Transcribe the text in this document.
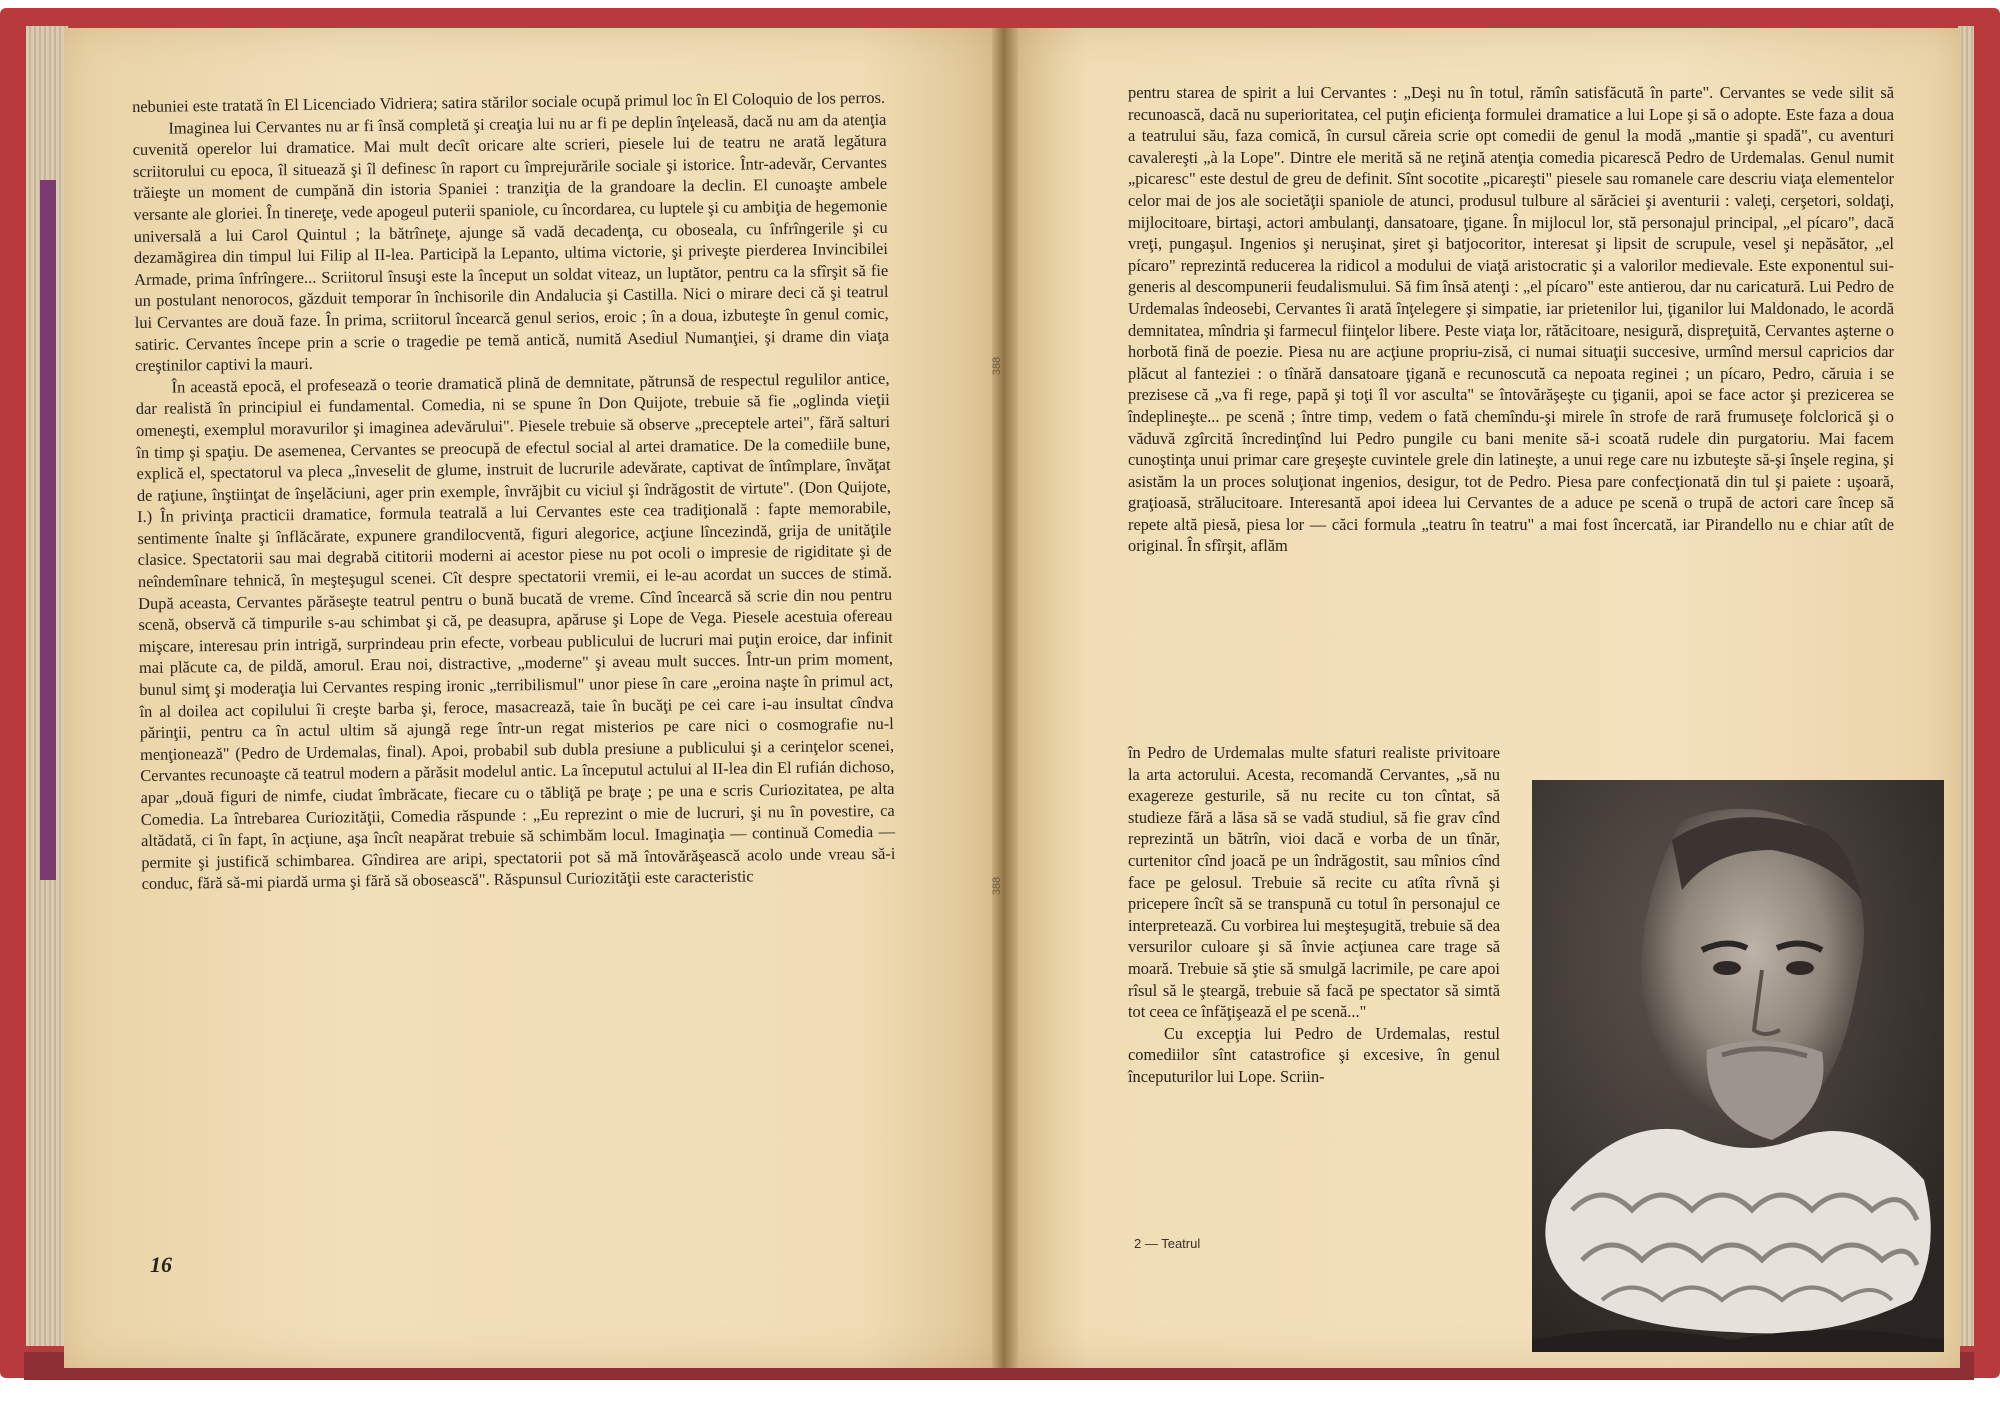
388
388

nebuniei este tratată în El Licenciado Vidriera; satira stărilor sociale ocupă primul loc în El Coloquio de los perros.

Imaginea lui Cervantes nu ar fi însă completă şi creaţia lui nu ar fi pe deplin înţeleasă, dacă nu am da atenţia cuvenită operelor lui dramatice. Mai mult decît oricare alte scrieri, piesele lui de teatru ne arată legătura scriitorului cu epoca, îl situează şi îl definesc în raport cu împrejurările sociale şi istorice. Într-adevăr, Cervantes trăieşte un moment de cumpănă din istoria Spaniei : tranziţia de la grandoare la declin. El cunoaşte ambele versante ale gloriei. În tinereţe, vede apogeul puterii spaniole, cu încordarea, cu luptele şi cu ambiţia de hegemonie universală a lui Carol Quintul ; la bătrîneţe, ajunge să vadă decadenţa, cu oboseala, cu înfrîngerile şi cu dezamăgirea din timpul lui Filip al II-lea. Participă la Lepanto, ultima victorie, şi priveşte pierderea Invincibilei Armade, prima înfrîngere... Scriitorul însuşi este la început un soldat viteaz, un luptător, pentru ca la sfîrşit să fie un postulant nenorocos, găzduit temporar în închisorile din Andalucia şi Castilla. Nici o mirare deci că şi teatrul lui Cervantes are două faze. În prima, scriitorul încearcă genul serios, eroic ; în a doua, izbuteşte în genul comic, satiric. Cervantes începe prin a scrie o tragedie pe temă antică, numită Asediul Numanţiei, şi drame din viaţa creştinilor captivi la mauri.

În această epocă, el profesează o teorie dramatică plină de demnitate, pătrunsă de respectul regulilor antice, dar realistă în principiul ei fundamental. Comedia, ni se spune în Don Quijote, trebuie să fie „oglinda vieţii omeneşti, exemplul moravurilor şi imaginea adevărului". Piesele trebuie să observe „preceptele artei", fără salturi în timp şi spaţiu. De asemenea, Cervantes se preocupă de efectul social al artei dramatice. De la comediile bune, explică el, spectatorul va pleca „înveselit de glume, instruit de lucrurile adevărate, captivat de întîmplare, învăţat de raţiune, înştiinţat de înşelăciuni, ager prin exemple, învrăjbit cu viciul şi îndrăgostit de virtute". (Don Quijote, I.) În privinţa practicii dramatice, formula teatrală a lui Cervantes este cea tradiţională : fapte memorabile, sentimente înalte şi înflăcărate, expunere grandilocventă, figuri alegorice, acţiune lîncezindă, grija de unităţile clasice. Spectatorii sau mai degrabă cititorii moderni ai acestor piese nu pot ocoli o impresie de rigiditate şi de neîndemînare tehnică, în meşteşugul scenei. Cît despre spectatorii vremii, ei le-au acordat un succes de stimă. După aceasta, Cervantes părăseşte teatrul pentru o bună bucată de vreme. Cînd încearcă să scrie din nou pentru scenă, observă că timpurile s-au schimbat şi că, pe deasupra, apăruse şi Lope de Vega. Piesele acestuia ofereau mişcare, interesau prin intrigă, surprindeau prin efecte, vorbeau publicului de lucruri mai puţin eroice, dar infinit mai plăcute ca, de pildă, amorul. Erau noi, distractive, „moderne" şi aveau mult succes. Într-un prim moment, bunul simţ şi moderaţia lui Cervantes resping ironic „terribilismul" unor piese în care „eroina naşte în primul act, în al doilea act copilului îi creşte barba şi, feroce, masacrează, taie în bucăţi pe cei care i-au insultat cîndva părinţii, pentru ca în actul ultim să ajungă rege într-un regat misterios pe care nici o cosmografie nu-l menţionează" (Pedro de Urdemalas, final). Apoi, probabil sub dubla presiune a publicului şi a cerinţelor scenei, Cervantes recunoaşte că teatrul modern a părăsit modelul antic. La începutul actului al II-lea din El rufián dichoso, apar „două figuri de nimfe, ciudat îmbrăcate, fiecare cu o tăbliţă pe braţe ; pe una e scris Curiozitatea, pe alta Comedia. La întrebarea Curiozităţii, Comedia răspunde : „Eu reprezint o mie de lucruri, şi nu în povestire, ca altădată, ci în fapt, în acţiune, aşa încît neapărat trebuie să schimbăm locul. Imaginaţia — continuă Comedia — permite şi justifică schimbarea. Gîndirea are aripi, spectatorii pot să mă întovărăşească acolo unde vreau să-i conduc, fără să-mi piardă urma şi fără să obosească". Răspunsul Curiozităţii este caracteristic

16

pentru starea de spirit a lui Cervantes : „Deşi nu în totul, rămîn satisfăcută în parte". Cervantes se vede silit să recunoască, dacă nu superioritatea, cel puţin eficienţa formulei dramatice a lui Lope şi să o adopte. Este faza a doua a teatrului său, faza comică, în cursul căreia scrie opt comedii de genul la modă „mantie şi spadă", cu aventuri cavalereşti „à la Lope". Dintre ele merită să ne reţină atenţia comedia picarescă Pedro de Urdemalas. Genul numit „picaresc" este destul de greu de definit. Sînt socotite „picareşti" piesele sau romanele care descriu viaţa elementelor celor mai de jos ale societăţii spaniole de atunci, produsul tulbure al sărăciei şi aventurii : valeţi, cerşetori, soldaţi, mijlocitoare, birtaşi, actori ambulanţi, dansatoare, ţigane. În mijlocul lor, stă personajul principal, „el pícaro", dacă vreţi, pungaşul. Ingenios şi neruşinat, şiret şi batjocoritor, interesat şi lipsit de scrupule, vesel şi nepăsător, „el pícaro" reprezintă reducerea la ridicol a modului de viaţă aristocratic şi a valorilor medievale. Este exponentul sui-generis al descompunerii feudalismului. Să fim însă atenţi : „el pícaro" este antierou, dar nu caricatură. Lui Pedro de Urdemalas îndeosebi, Cervantes îi arată înţelegere şi simpatie, iar prietenilor lui, ţiganilor lui Maldonado, le acordă demnitatea, mîndria şi farmecul fiinţelor libere. Peste viaţa lor, rătăcitoare, nesigură, dispreţuită, Cervantes aşterne o horbotă fină de poezie. Piesa nu are acţiune propriu-zisă, ci numai situaţii succesive, urmînd mersul capricios dar plăcut al fanteziei : o tînără dansatoare ţigană e recunoscută ca nepoata reginei ; un pícaro, Pedro, căruia i se prezisese că „va fi rege, papă şi toţi îl vor asculta" se întovărăşeşte cu ţiganii, apoi se face actor şi prezicerea se îndeplineşte... pe scenă ; între timp, vedem o fată chemîndu-şi mirele în strofe de rară frumuseţe folclorică şi o văduvă zgîrcită încredinţînd lui Pedro pungile cu bani menite să-i scoată rudele din purgatoriu. Mai facem cunoştinţa unui primar care greşeşte cuvintele grele din latineşte, a unui rege care nu izbuteşte să-şi înşele regina, şi asistăm la un proces soluţionat ingenios, desigur, tot de Pedro. Piesa pare confecţionată din tul şi paiete : uşoară, graţioasă, strălucitoare. Interesantă apoi ideea lui Cervantes de a aduce pe scenă o trupă de actori care încep să repete altă piesă, piesa lor — căci formula „teatru în teatru" a mai fost încercată, iar Pirandello nu e chiar atît de original. În sfîrşit, aflăm

în Pedro de Urdemalas multe sfaturi realiste privitoare la arta actorului. Acesta, recomandă Cervantes, „să nu exagereze gesturile, să nu recite cu ton cîntat, să studieze fără a lăsa să se vadă studiul, să fie grav cînd reprezintă un bătrîn, vioi dacă e vorba de un tînăr, curtenitor cînd joacă pe un îndrăgostit, sau mînios cînd face pe gelosul. Trebuie să recite cu atîta rîvnă şi pricepere încît să se transpună cu totul în personajul ce interpretează. Cu vorbirea lui meşteşugită, trebuie să dea versurilor culoare şi să învie acţiunea care trage să moară. Trebuie să ştie să smulgă lacrimile, pe care apoi rîsul să le şteargă, trebuie să facă pe spectator să simtă tot ceea ce înfăţişează el pe scenă..."

Cu excepţia lui Pedro de Urdemalas, restul comediilor sînt catastrofice şi excesive, în genul începuturilor lui Lope. Scriin-

2 — Teatrul
